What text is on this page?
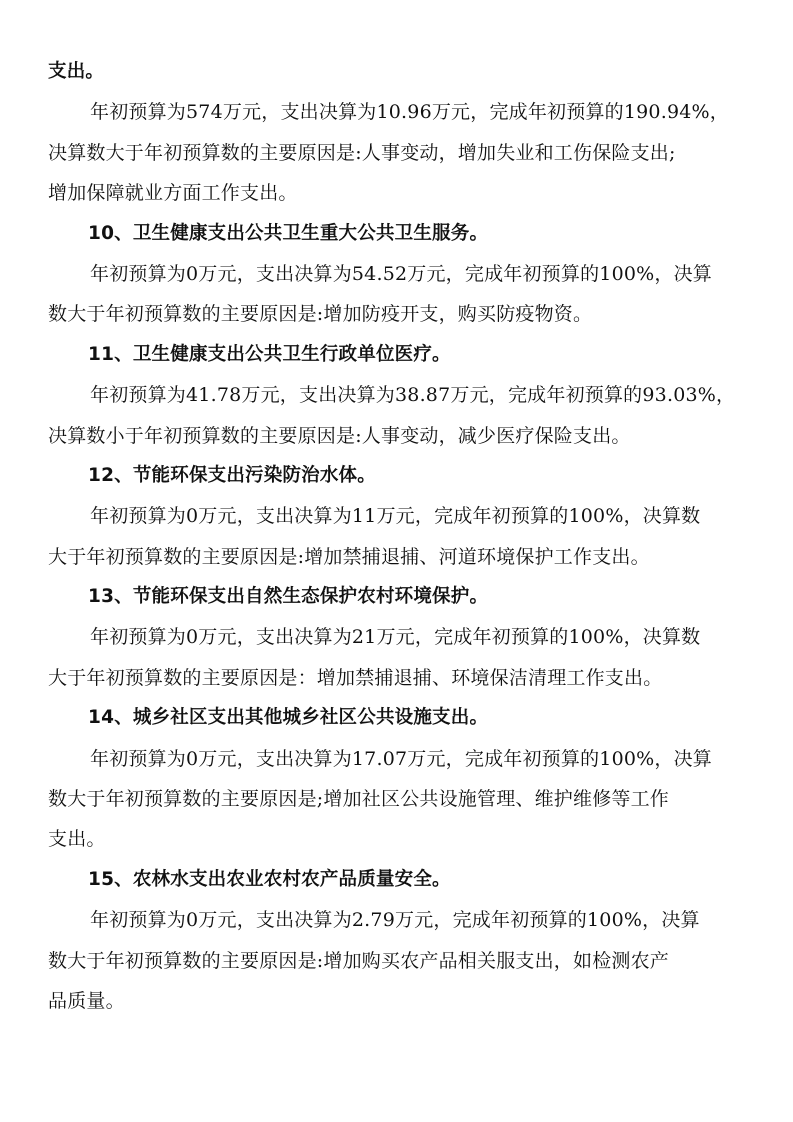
支出。
年初预算为574万元，支出决算为10.96万元，完成年初预算的190.94%，
决算数大于年初预算数的主要原因是:人事变动，增加失业和工伤保险支出;
增加保障就业方面工作支出。
10、卫生健康支出公共卫生重大公共卫生服务。
年初预算为0万元，支出决算为54.52万元，完成年初预算的100%，决算
数大于年初预算数的主要原因是:增加防疫开支，购买防疫物资。
11、卫生健康支出公共卫生行政单位医疗。
年初预算为41.78万元，支出决算为38.87万元，完成年初预算的93.03%，
决算数小于年初预算数的主要原因是:人事变动，减少医疗保险支出。
12、节能环保支出污染防治水体。
年初预算为0万元，支出决算为11万元，完成年初预算的100%，决算数
大于年初预算数的主要原因是:增加禁捕退捕、河道环境保护工作支出。
13、节能环保支出自然生态保护农村环境保护。
年初预算为0万元，支出决算为21万元，完成年初预算的100%，决算数
大于年初预算数的主要原因是：增加禁捕退捕、环境保洁清理工作支出。
14、城乡社区支出其他城乡社区公共设施支出。
年初预算为0万元，支出决算为17.07万元，完成年初预算的100%，决算
数大于年初预算数的主要原因是;增加社区公共设施管理、维护维修等工作
支出。
15、农林水支出农业农村农产品质量安全。
年初预算为0万元，支出决算为2.79万元，完成年初预算的100%，决算
数大于年初预算数的主要原因是:增加购买农产品相关服支出，如检测农产
品质量。
